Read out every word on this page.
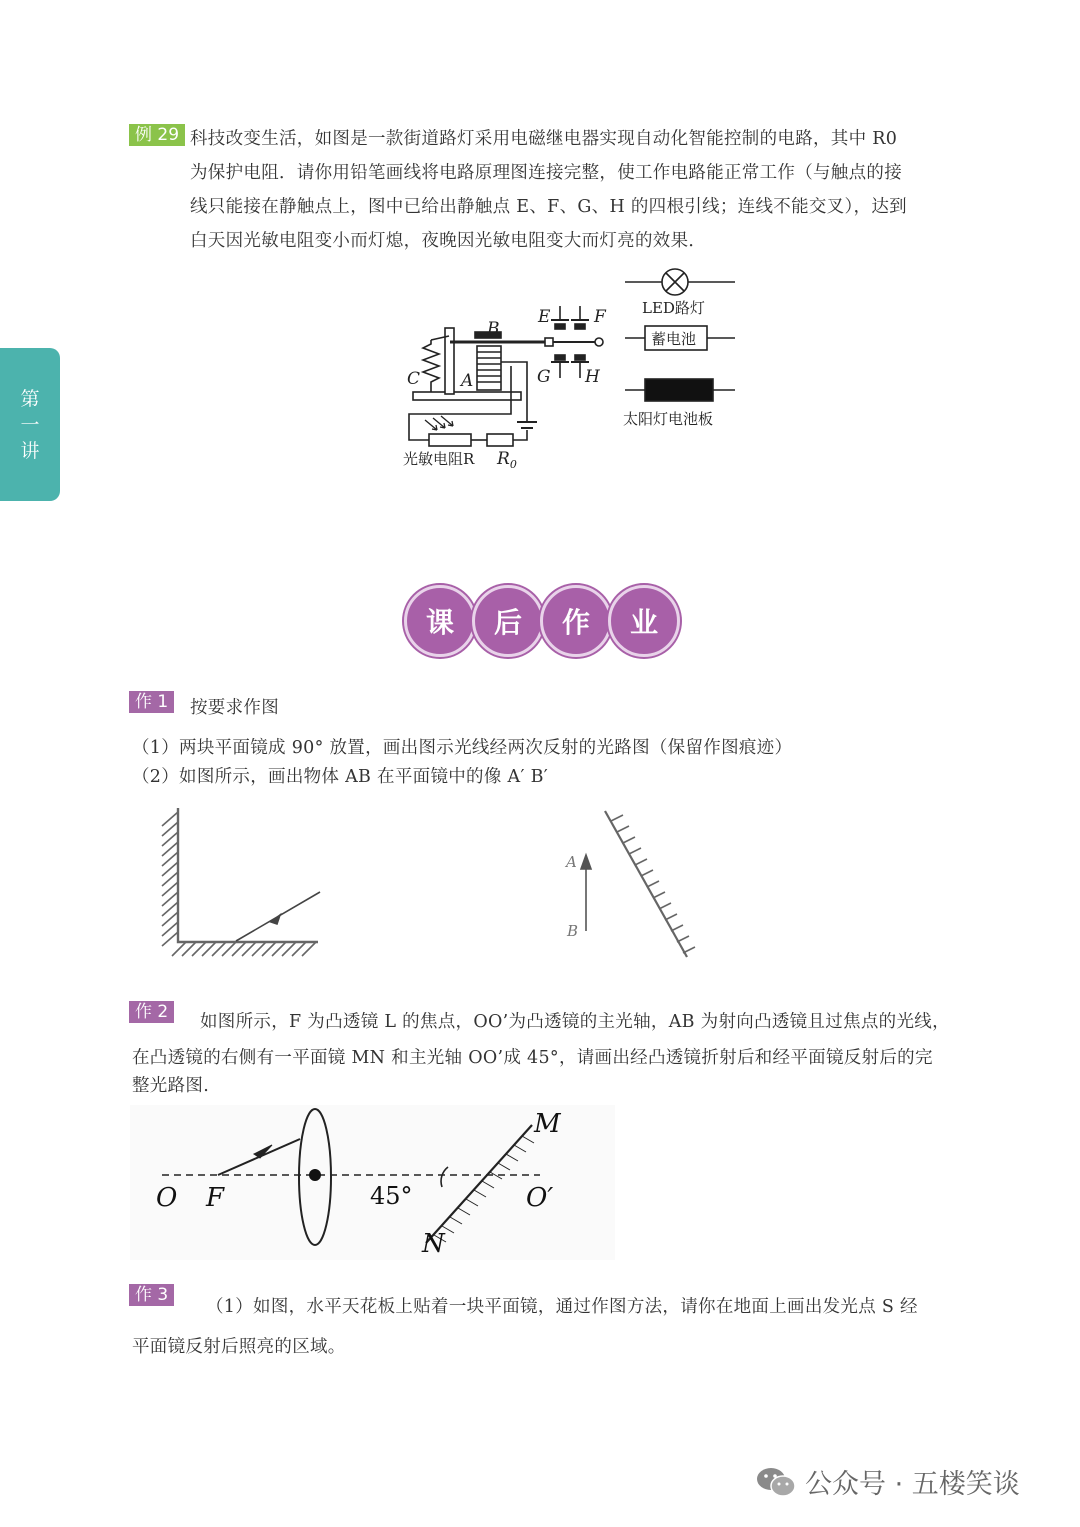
第
一
讲
例 29 科技改变生活，如图是一款街道路灯采用电磁继电器实现自动化智能控制的电路，其中 R0

为保护电阻．请你用铅笔画线将电路原理图连接完整，使工作电路能正常工作（与触点的接

线只能接在静触点上，图中已给出静触点 E、F、G、H 的四根引线；连线不能交叉），达到

白天因光敏电阻变小而灯熄，夜晚因光敏电阻变大而灯亮的效果．

B
E	F
G H
C A
$R_0$
LED路灯
蓄电池
太阳灯电池板
光敏电阻R
课	后	作	业
作 1	按要求作图

（1）两块平面镜成 90° 放置，画出图示光线经两次反射的光路图（保留作图痕迹）

（2）如图所示，画出物体 AB 在平面镜中的像 A′ B′

A
B
作 2	如图所示，F 为凸透镜 L 的焦点，OO’为凸透镜的主光轴，AB 为射向凸透镜且过焦点的光线，

在凸透镜的右侧有一平面镜 MN 和主光轴 OO’成 45°，请画出经凸透镜折射后和经平面镜反射后的完

整光路图.

O F
M
N
O′
45°
作 3

（1）如图，水平天花板上贴着一块平面镜，通过作图方法，请你在地面上画出发光点 S 经

平面镜反射后照亮的区域。

公众号 · 五楼笑谈
